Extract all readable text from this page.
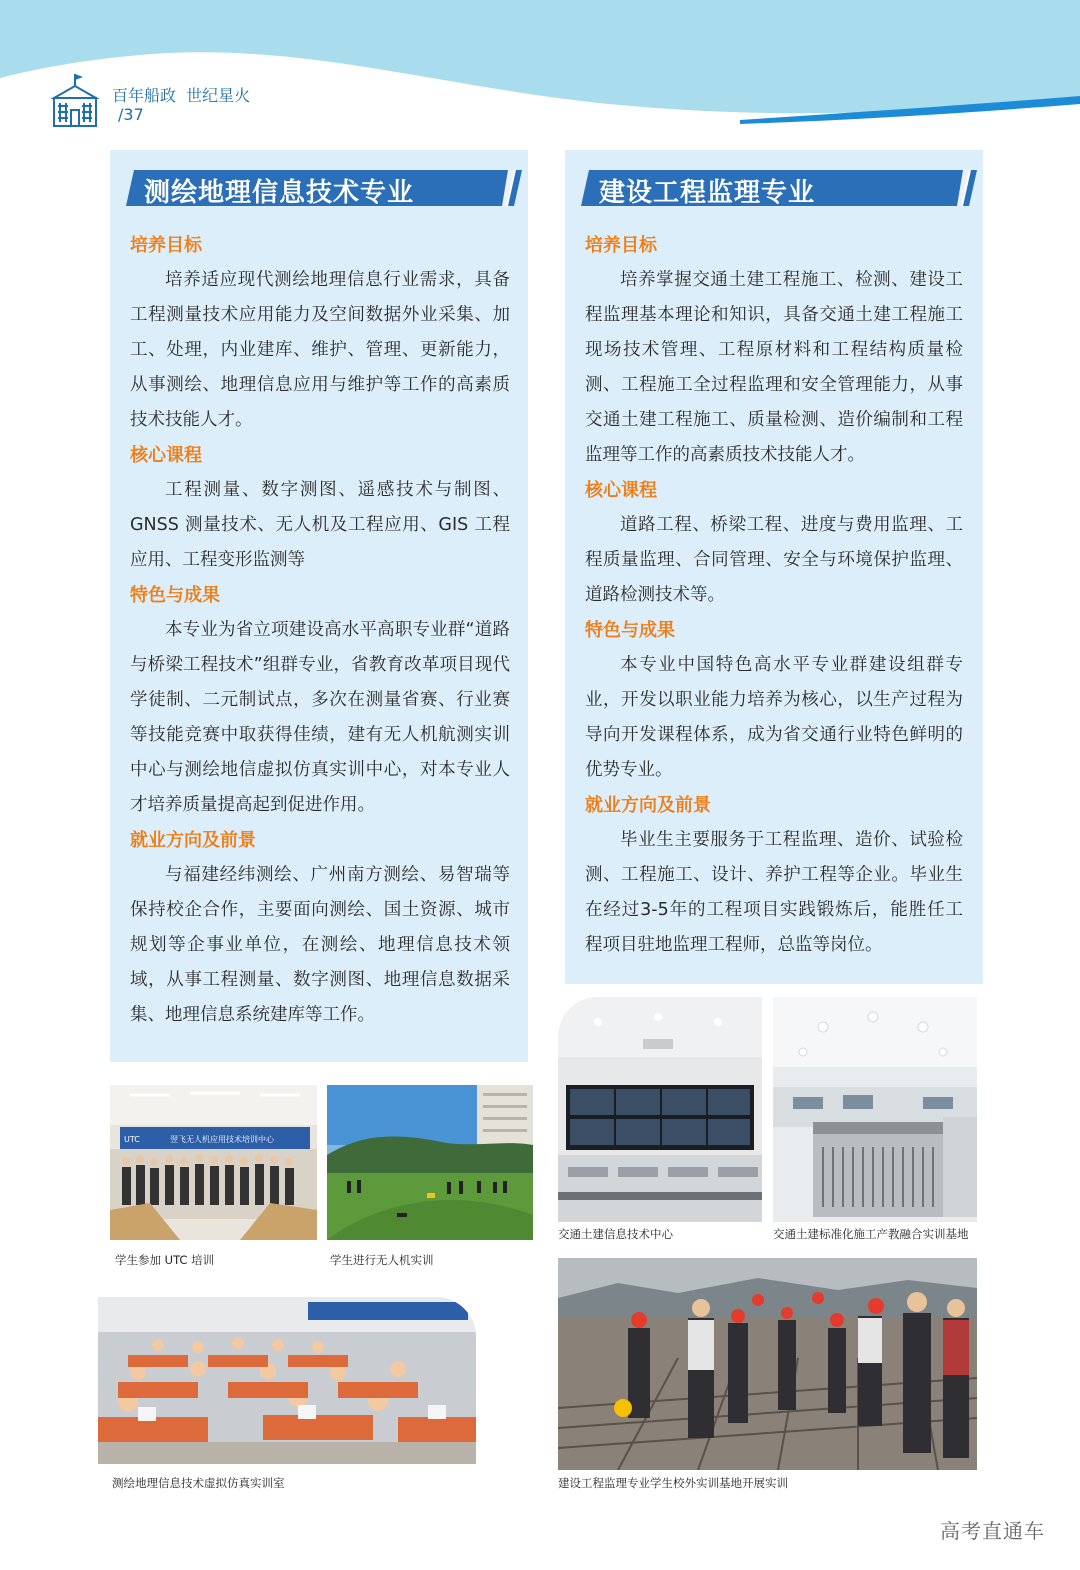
百年船政  世纪星火
/37
测绘地理信息技术专业
培养目标

培养适应现代测绘地理信息行业需求，具备工程测量技术应用能力及空间数据外业采集、加工、处理，内业建库、维护、管理、更新能力，从事测绘、地理信息应用与维护等工作的高素质技术技能人才。

核心课程

工程测量、数字测图、遥感技术与制图、GNSS 测量技术、无人机及工程应用、GIS 工程应用、工程变形监测等

特色与成果

本专业为省立项建设高水平高职专业群“道路与桥梁工程技术”组群专业，省教育改革项目现代学徒制、二元制试点，多次在测量省赛、行业赛等技能竞赛中取获得佳绩，建有无人机航测实训中心与测绘地信虚拟仿真实训中心，对本专业人才培养质量提高起到促进作用。

就业方向及前景

与福建经纬测绘、广州南方测绘、易智瑞等保持校企合作，主要面向测绘、国土资源、城市规划等企事业单位，在测绘、地理信息技术领域，从事工程测量、数字测图、地理信息数据采集、地理信息系统建库等工作。

建设工程监理专业
培养目标

培养掌握交通土建工程施工、检测、建设工程监理基本理论和知识，具备交通土建工程施工现场技术管理、工程原材料和工程结构质量检测、工程施工全过程监理和安全管理能力，从事交通土建工程施工、质量检测、造价编制和工程监理等工作的高素质技术技能人才。

核心课程

道路工程、桥梁工程、进度与费用监理、工程质量监理、合同管理、安全与环境保护监理、道路检测技术等。

特色与成果

本专业中国特色高水平专业群建设组群专业，开发以职业能力培养为核心，以生产过程为导向开发课程体系，成为省交通行业特色鲜明的优势专业。

就业方向及前景

毕业生主要服务于工程监理、造价、试验检测、工程施工、设计、养护工程等企业。毕业生在经过3-5年的工程项目实践锻炼后，能胜任工程项目驻地监理工程师，总监等岗位。

翌飞无人机应用技术培训中心
UTC
学生参加 UTC 培训	学生进行无人机实训
测绘地理信息技术虚拟仿真实训室
交通土建信息技术中心	交通土建标准化施工产教融合实训基地
建设工程监理专业学生校外实训基地开展实训
高考直通车
